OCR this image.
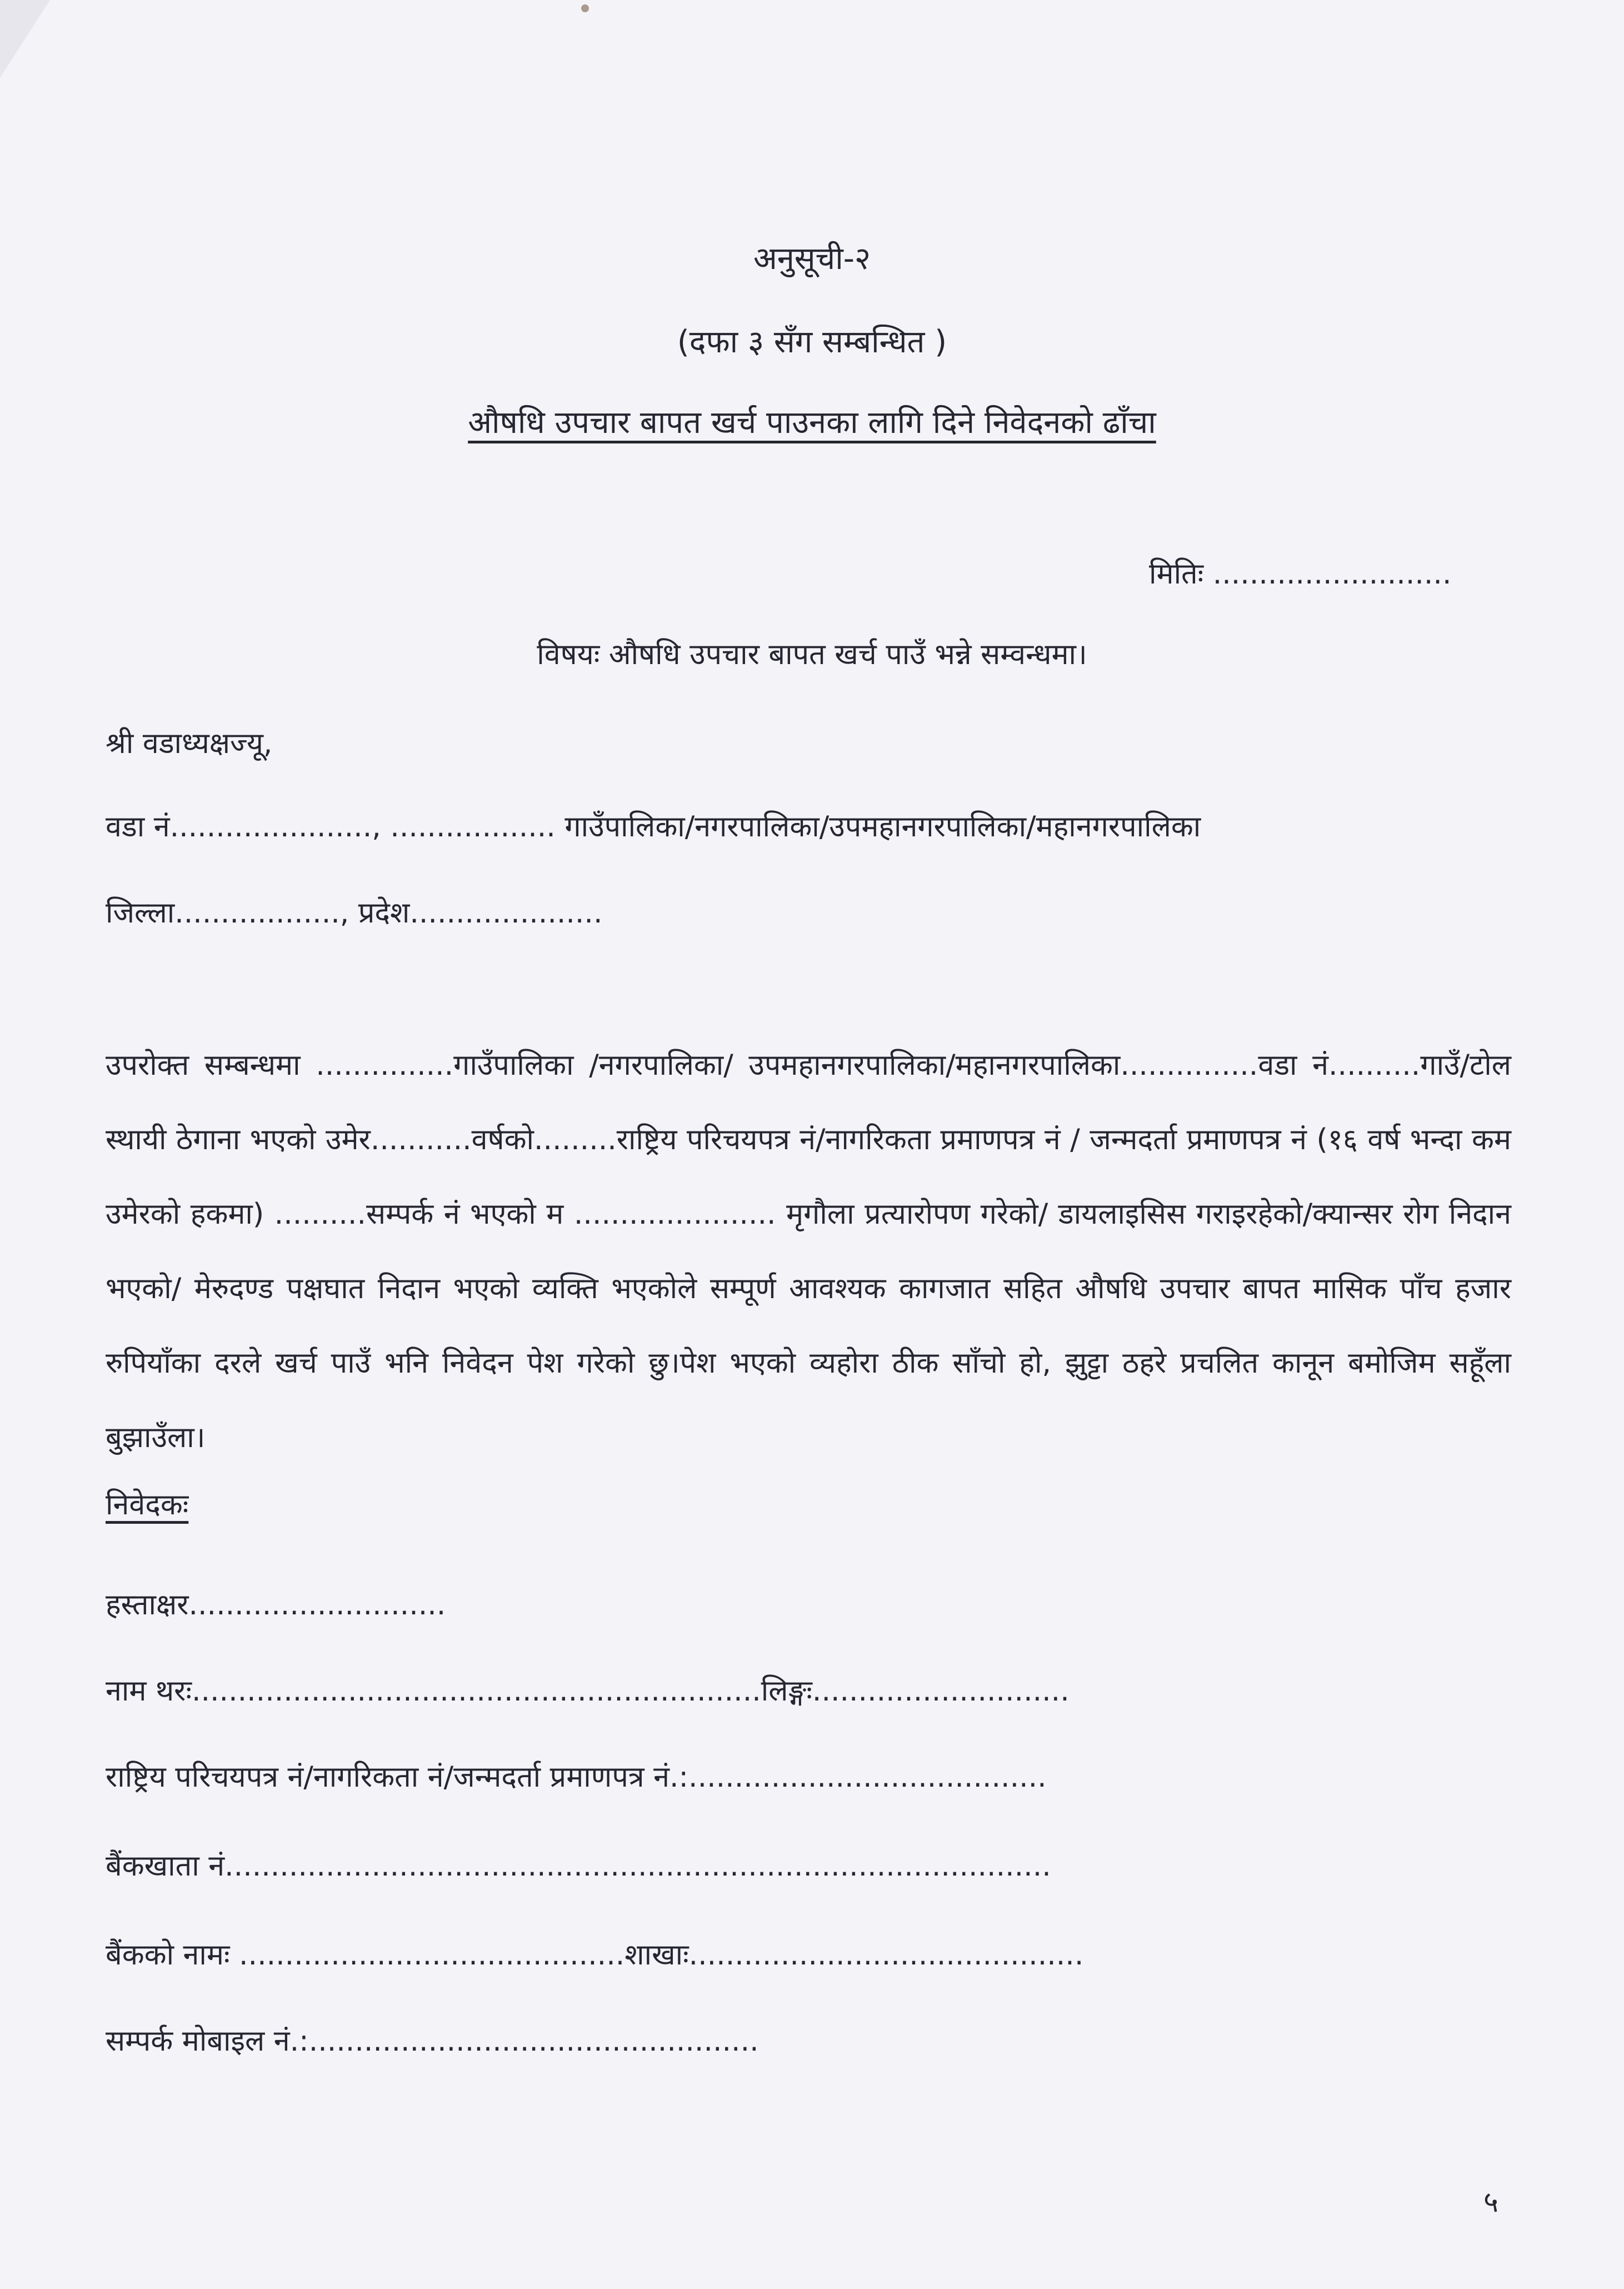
अनुसूची-२
(दफा ३ सँग सम्बन्धित )
औषधि उपचार बापत खर्च पाउनका लागि दिने निवेदनको ढाँचा
मितिः ..........................
विषयः औषधि उपचार बापत खर्च पाउँ भन्ने सम्वन्धमा।
श्री वडाध्यक्षज्यू,
वडा नं......................, .................. गाउँपालिका/नगरपालिका/उपमहानगरपालिका/महानगरपालिका
जिल्ला.................., प्रदेश.....................
उपरोक्त सम्बन्धमा ...............गाउँपालिका /नगरपालिका/ उपमहानगरपालिका/महानगरपालिका...............वडा नं..........गाउँ/टोल स्थायी ठेगाना भएको उमेर...........वर्षको.........राष्ट्रिय परिचयपत्र नं/नागरिकता प्रमाणपत्र नं / जन्मदर्ता प्रमाणपत्र नं (१६ वर्ष भन्दा कम उमेरको हकमा) ..........सम्पर्क नं भएको म ...................... मृगौला प्रत्यारोपण गरेको/ डायलाइसिस गराइरहेको/क्यान्सर रोग निदान भएको/ मेरुदण्ड पक्षघात निदान भएको व्यक्ति भएकोले सम्पूर्ण आवश्यक कागजात सहित औषधि उपचार बापत मासिक पाँच हजार रुपियाँका दरले खर्च पाउँ भनि निवेदन पेश गरेको छु।पेश भएको व्यहोरा ठीक साँचो हो, झुट्टा ठहरे प्रचलित कानून बमोजिम सहूँला बुझाउँला।
निवेदकः
हस्ताक्षर............................
नाम थरः..............................................................लिङ्गः............................
राष्ट्रिय परिचयपत्र नं/नागरिकता नं/जन्मदर्ता प्रमाणपत्र नं.:.......................................
बैंकखाता नं..........................................................................................
बैंकको नामः ..........................................शाखाः...........................................
सम्पर्क मोबाइल नं.:.................................................
५
